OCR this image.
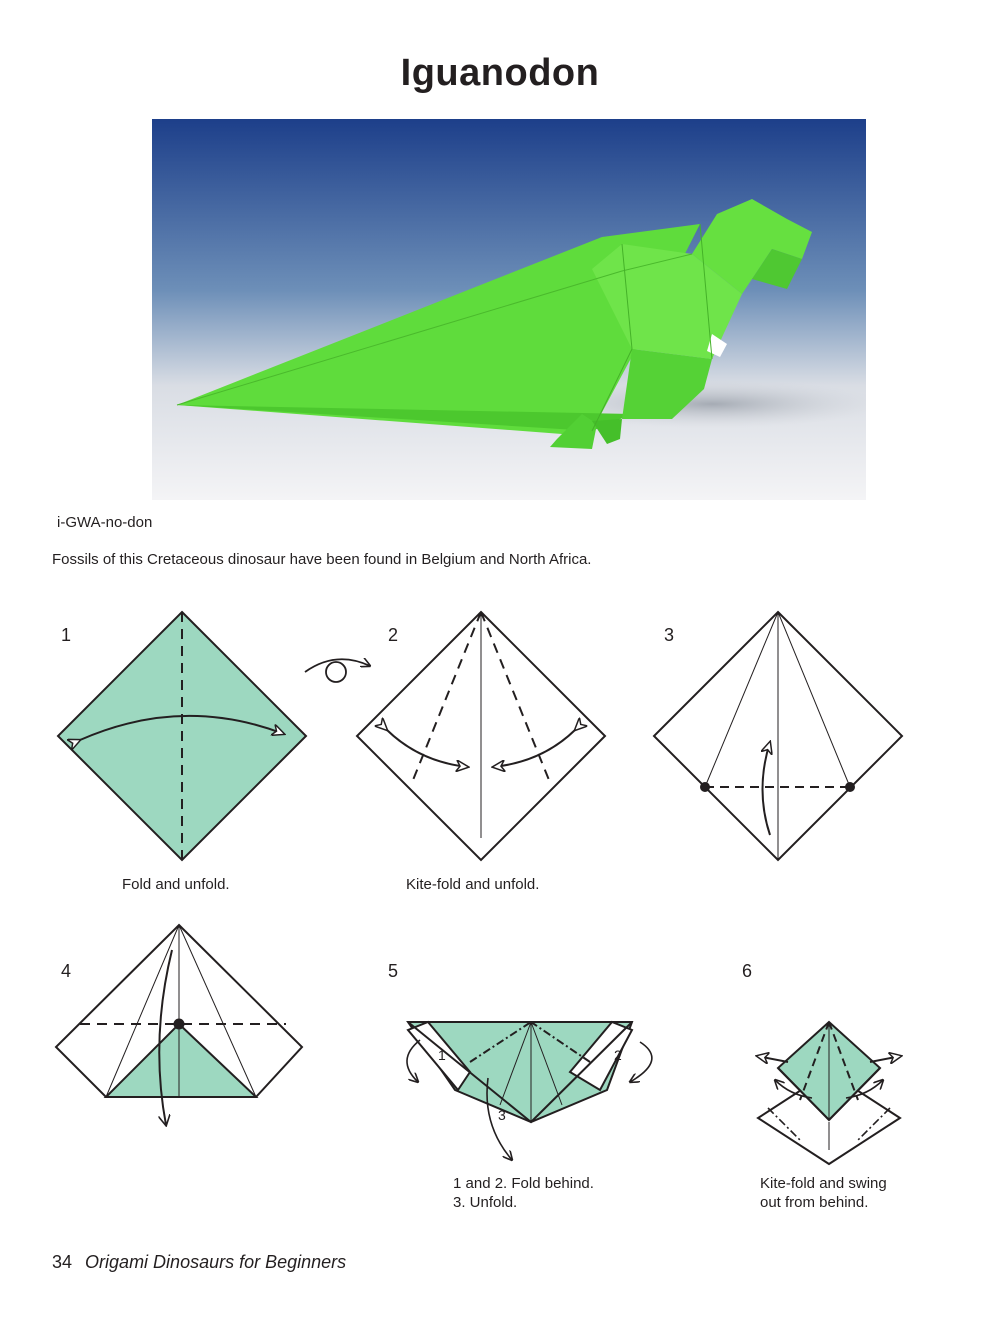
Iguanodon
i-GWA-no-don
Fossils of this Cretaceous dinosaur have been found in Belgium and North Africa.
1	2	3
4	5	6
1	2
3
Fold and unfold.	Kite-fold and unfold.
1 and 2. Fold behind.
3. Unfold.
Kite-fold and swing
out from behind.
34 Origami Dinosaurs for Beginners
